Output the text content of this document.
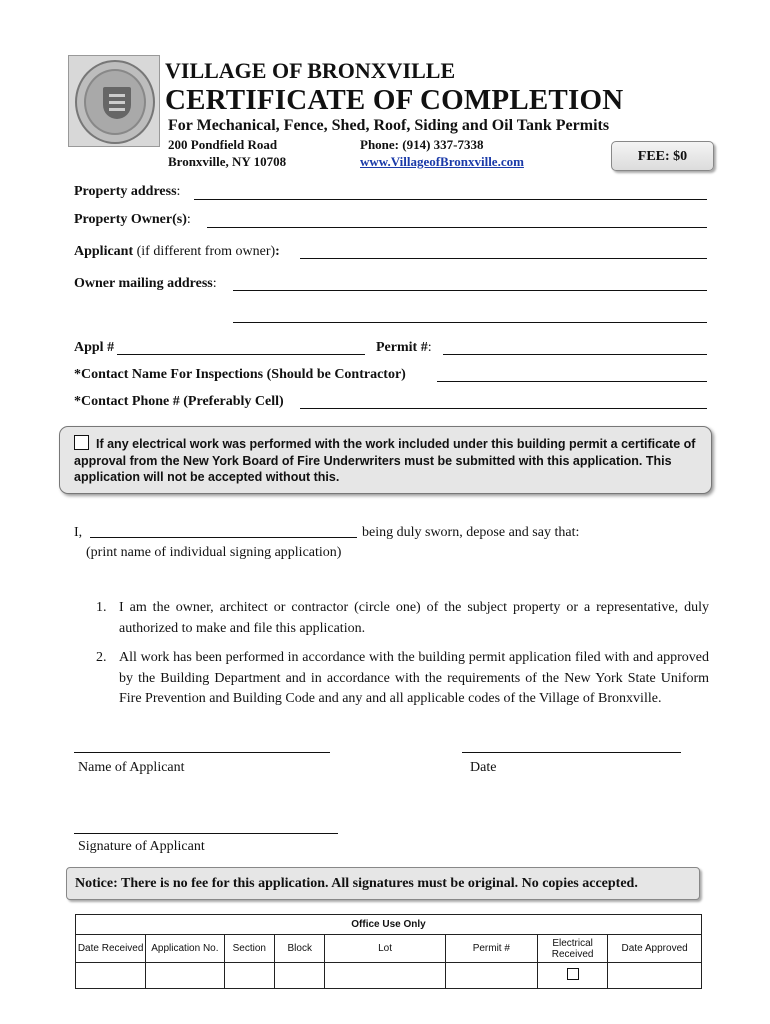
VILLAGE OF BRONXVILLE
CERTIFICATE OF COMPLETION
For Mechanical, Fence, Shed, Roof, Siding and Oil Tank Permits
200 Pondfield Road
Bronxville, NY 10708
Phone: (914) 337-7338
www.VillageofBronxville.com	FEE: $0
Property address:
Property Owner(s):
Applicant (if different from owner):
Owner mailing address:
Appl #	Permit #:
*Contact Name For Inspections (Should be Contractor)
*Contact Phone # (Preferably Cell)
If any electrical work was performed with the work included under this building permit a certificate of approval from the New York Board of Fire Underwriters must be submitted with this application. This application will not be accepted without this.
I,	being duly sworn, depose and say that:
(print name of individual signing application)
1. I am the owner, architect or contractor (circle one) of the subject property or a representative, duly authorized to make and file this application.
2. All work has been performed in accordance with the building permit application filed with and approved by the Building Department and in accordance with the requirements of the New York State Uniform Fire Prevention and Building Code and any and all applicable codes of the Village of Bronxville.
Name of Applicant	Date
Signature of Applicant
Notice: There is no fee for this application. All signatures must be original. No copies accepted.
Office Use Only							
Date Received	Application No.	Section	Block	Lot	Permit #	Electrical Received	Date Approved
